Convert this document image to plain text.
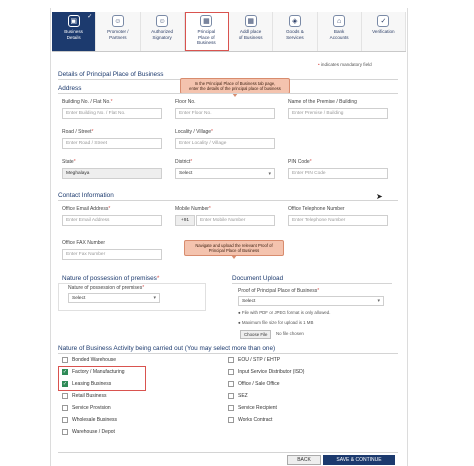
▣
Business
Details
✓
☺
Promoter /
Partners
☺
Authorized
Signatory
▦
Principal
Place of
Business
▦
Addl place
of Business
◈
Goods &
Services
⌂
Bank
Accounts
✓
Verification
• indicates mandatory field
Details of Principal Place of Business
In the Principal Place of Business tab page,
enter the details of the principal place of business
Address
Building No. / Flat No.*
Enter Building No. / Flat No.
Floor No.
Enter Floor No.
Name of the Premise / Building
Enter Premise / Building
Road / Street*
Enter Road / Street
Locality / Village*
Enter Locality / Village
State*
Meghalaya
District*
Select	▾
PIN Code*
Enter PIN Code
Contact Information
Office Email Address*
Enter Email Address
Mobile Number*
+91	Enter Mobile Number
Office Telephone Number
Enter Telephone Number
Office FAX Number
Enter Fax Number
Navigate and upload the relevant Proof of
Principal Place of Business
Nature of possession of premises*
Nature of possession of premises*
Select	▾
Document Upload
Proof of Principal Place of Business*
Select	▾
● File with PDF or JPEG format is only allowed.
● Maximum file size for upload is 1 MB
Choose File	No file chosen
Nature of Business Activity being carried out (You may select more than one)
Bonded Warehouse
✓ Factory / Manufacturing
✓ Leasing Business
Retail Business
Service Provision
Wholesale Business
Warehouse / Depot
EOU / STP / EHTP
Input Service Distributor (ISD)
Office / Sale Office
SEZ
Service Recipient
Works Contract
BACK	SAVE & CONTINUE
➤
